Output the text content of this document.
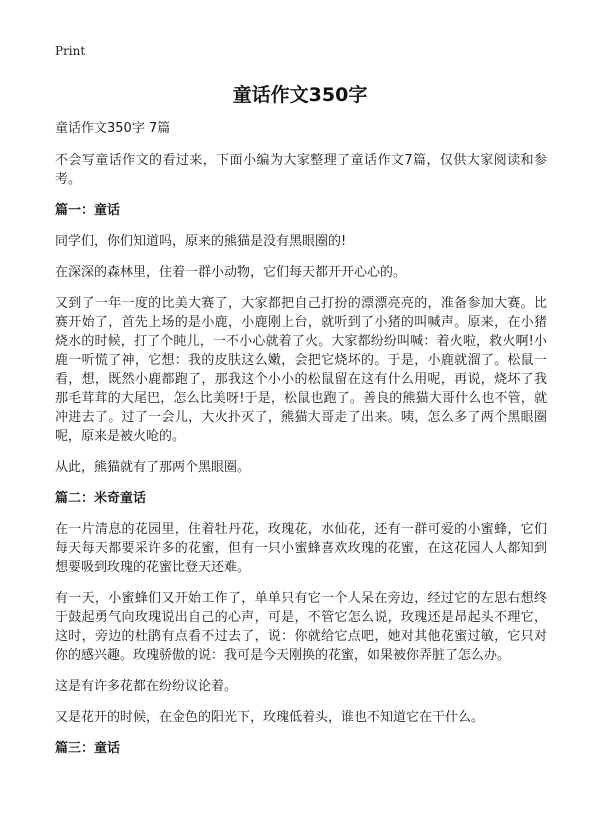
Print
童话作文350字

童话作文350字 7篇

不会写童话作文的看过来，下面小编为大家整理了童话作文7篇，仅供大家阅读和参考。

篇一：童话

同学们，你们知道吗，原来的熊猫是没有黑眼圈的!

在深深的森林里，住着一群小动物，它们每天都开开心心的。

又到了一年一度的比美大赛了，大家都把自己打扮的漂漂亮亮的，准备参加大赛。比赛开始了，首先上场的是小鹿，小鹿刚上台，就听到了小猪的叫喊声。原来，在小猪烧水的时候，打了个盹儿，一不小心就着了火。大家都纷纷叫喊：着火啦，救火啊!小鹿一听慌了神，它想：我的皮肤这么嫩，会把它烧坏的。于是，小鹿就溜了。松鼠一看，想，既然小鹿都跑了，那我这个小小的松鼠留在这有什么用呢，再说，烧坏了我那毛茸茸的大尾巴，怎么比美呀!于是，松鼠也跑了。善良的熊猫大哥什么也不管，就冲进去了。过了一会儿，大火扑灭了，熊猫大哥走了出来。咦，怎么多了两个黑眼圈呢，原来是被火呛的。

从此，熊猫就有了那两个黑眼圈。

篇二：米奇童话

在一片清息的花园里，住着牡丹花，玫瑰花，水仙花，还有一群可爱的小蜜蜂，它们每天每天都要采许多的花蜜，但有一只小蜜蜂喜欢玫瑰的花蜜，在这花园人人都知到想要吸到玫瑰的花蜜比登天还难。

有一天，小蜜蜂们又开始工作了，单单只有它一个人呆在旁边，经过它的左思右想终于鼓起勇气向玫瑰说出自己的心声，可是，不管它怎么说，玫瑰还是昂起头不理它，这时，旁边的杜鹃有点看不过去了，说：你就给它点吧，她对其他花蜜过敏，它只对你的感兴趣。玫瑰骄傲的说：我可是今天刚换的花蜜，如果被你弄脏了怎么办。

这是有许多花都在纷纷议论着。

又是花开的时候，在金色的阳光下，玫瑰低着头，谁也不知道它在干什么。

篇三：童话
